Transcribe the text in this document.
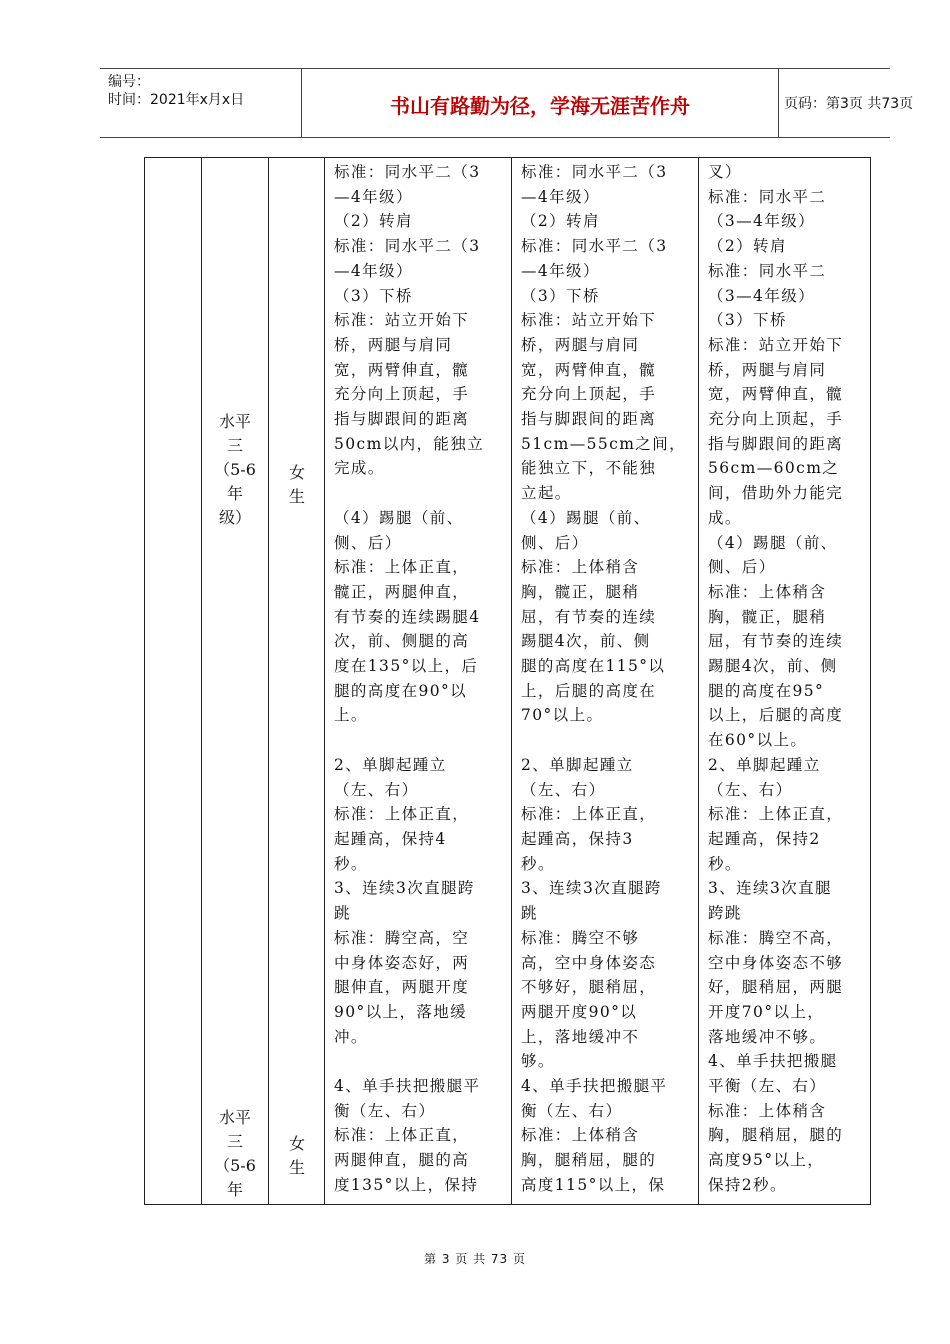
编号：
时间：2021年x月x日	书山有路勤为径，学海无涯苦作舟	页码：第3页 共73页
水平
三
（5-6
年
级）
女
生
水平
三
（5-6
年
女
生
标准：同水平二（3
—4年级）
（2）转肩
标准：同水平二（3
—4年级）
（3）下桥
标准：站立开始下
桥，两腿与肩同
宽，两臂伸直，髋
充分向上顶起，手
指与脚跟间的距离
50cm以内，能独立
完成。

（4）踢腿（前、
侧、后）
标准：上体正直，
髋正，两腿伸直，
有节奏的连续踢腿4
次，前、侧腿的高
度在135°以上，后
腿的高度在90°以
上。

2、单脚起踵立
（左、右）
标准：上体正直，
起踵高，保持4
秒。
3、连续3次直腿跨
跳
标准：腾空高，空
中身体姿态好，两
腿伸直，两腿开度
90°以上，落地缓
冲。

4、单手扶把搬腿平
衡（左、右）
标准：上体正直，
两腿伸直，腿的高
度135°以上，保持
标准：同水平二（3
—4年级）
（2）转肩
标准：同水平二（3
—4年级）
（3）下桥
标准：站立开始下
桥，两腿与肩同
宽，两臂伸直，髋
充分向上顶起，手
指与脚跟间的距离
51cm—55cm之间，
能独立下，不能独
立起。
（4）踢腿（前、
侧、后）
标准：上体稍含
胸，髋正，腿稍
屈，有节奏的连续
踢腿4次，前、侧
腿的高度在115°以
上，后腿的高度在
70°以上。

2、单脚起踵立
（左、右）
标准：上体正直，
起踵高，保持3
秒。
3、连续3次直腿跨
跳
标准：腾空不够
高，空中身体姿态
不够好，腿稍屈，
两腿开度90°以
上，落地缓冲不
够。
4、单手扶把搬腿平
衡（左、右）
标准：上体稍含
胸，腿稍屈，腿的
高度115°以上，保
叉）
标准：同水平二
（3—4年级）
（2）转肩
标准：同水平二
（3—4年级）
（3）下桥
标准：站立开始下
桥，两腿与肩同
宽，两臂伸直，髋
充分向上顶起，手
指与脚跟间的距离
56cm—60cm之
间，借助外力能完
成。
（4）踢腿（前、
侧、后）
标准：上体稍含
胸，髋正，腿稍
屈，有节奏的连续
踢腿4次，前、侧
腿的高度在95°
以上，后腿的高度
在60°以上。
2、单脚起踵立
（左、右）
标准：上体正直，
起踵高，保持2
秒。
3、连续3次直腿
跨跳
标准：腾空不高，
空中身体姿态不够
好，腿稍屈，两腿
开度70°以上，
落地缓冲不够。
4、单手扶把搬腿
平衡（左、右）
标准：上体稍含
胸，腿稍屈，腿的
高度95°以上，
保持2秒。
第 3 页 共 73 页
